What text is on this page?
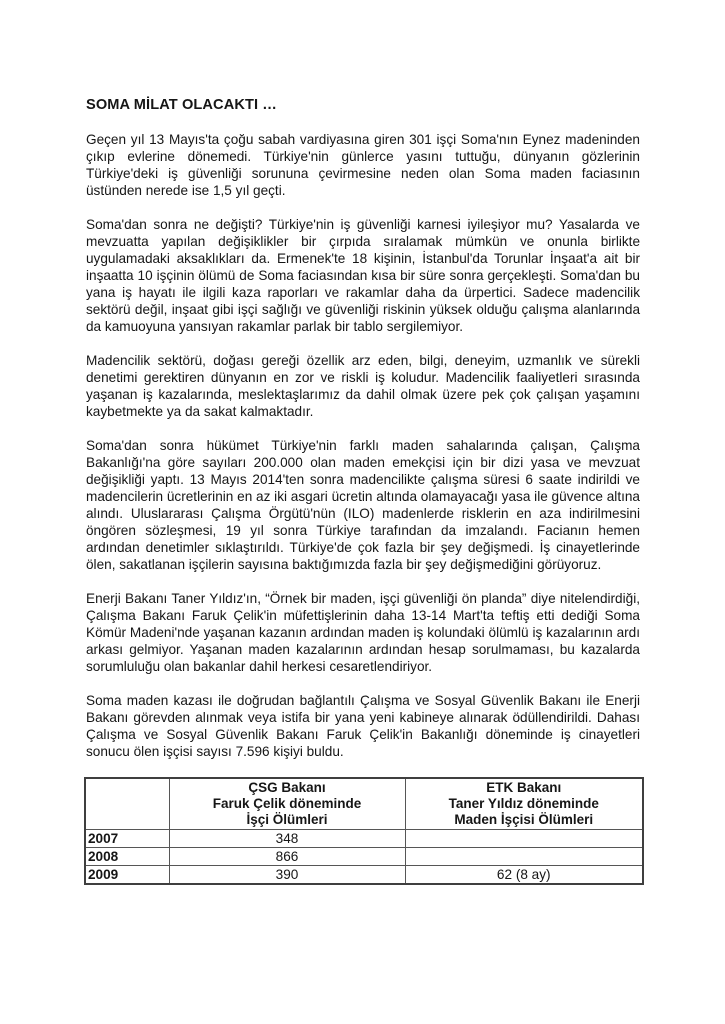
SOMA MİLAT OLACAKTI …

Geçen yıl 13 Mayıs'ta çoğu sabah vardiyasına giren 301 işçi Soma'nın Eynez madeninden çıkıp evlerine dönemedi. Türkiye'nin günlerce yasını tuttuğu, dünyanın gözlerinin Türkiye'deki iş güvenliği sorununa çevirmesine neden olan Soma maden faciasının üstünden nerede ise 1,5 yıl geçti.

Soma'dan sonra ne değişti? Türkiye'nin iş güvenliği karnesi iyileşiyor mu? Yasalarda ve mevzuatta yapılan değişiklikler bir çırpıda sıralamak mümkün ve onunla birlikte uygulamadaki aksaklıkları da. Ermenek'te 18 kişinin, İstanbul'da Torunlar İnşaat'a ait bir inşaatta 10 işçinin ölümü de Soma faciasından kısa bir süre sonra gerçekleşti. Soma'dan bu yana iş hayatı ile ilgili kaza raporları ve rakamlar daha da ürpertici. Sadece madencilik sektörü değil, inşaat gibi işçi sağlığı ve güvenliği riskinin yüksek olduğu çalışma alanlarında da kamuoyuna yansıyan rakamlar parlak bir tablo sergilemiyor.

Madencilik sektörü, doğası gereği özellik arz eden, bilgi, deneyim, uzmanlık ve sürekli denetimi gerektiren dünyanın en zor ve riskli iş koludur. Madencilik faaliyetleri sırasında yaşanan iş kazalarında, meslektaşlarımız da dahil olmak üzere pek çok çalışan yaşamını kaybetmekte ya da sakat kalmaktadır.

Soma'dan sonra hükümet Türkiye'nin farklı maden sahalarında çalışan, Çalışma Bakanlığı'na göre sayıları 200.000 olan maden emekçisi için bir dizi yasa ve mevzuat değişikliği yaptı. 13 Mayıs 2014'ten sonra madencilikte çalışma süresi 6 saate indirildi ve madencilerin ücretlerinin en az iki asgari ücretin altında olamayacağı yasa ile güvence altına alındı. Uluslararası Çalışma Örgütü'nün (ILO) madenlerde risklerin en aza indirilmesini öngören sözleşmesi, 19 yıl sonra Türkiye tarafından da imzalandı. Facianın hemen ardından denetimler sıklaştırıldı. Türkiye'de çok fazla bir şey değişmedi. İş cinayetlerinde ölen, sakatlanan işçilerin sayısına baktığımızda fazla bir şey değişmediğini görüyoruz.

Enerji Bakanı Taner Yıldız'ın, “Örnek bir maden, işçi güvenliği ön planda” diye nitelendirdiği, Çalışma Bakanı Faruk Çelik'in müfettişlerinin daha 13-14 Mart'ta teftiş etti dediği Soma Kömür Madeni'nde yaşanan kazanın ardından maden iş kolundaki ölümlü iş kazalarının ardı arkası gelmiyor. Yaşanan maden kazalarının ardından hesap sorulmaması, bu kazalarda sorumluluğu olan bakanlar dahil herkesi cesaretlendiriyor.

Soma maden kazası ile doğrudan bağlantılı Çalışma ve Sosyal Güvenlik Bakanı ile Enerji Bakanı görevden alınmak veya istifa bir yana yeni kabineye alınarak ödüllendirildi. Dahası Çalışma ve Sosyal Güvenlik Bakanı Faruk Çelik'in Bakanlığı döneminde iş cinayetleri sonucu ölen işçisi sayısı 7.596 kişiyi buldu.

ÇSG Bakanı
Faruk Çelik döneminde
İşçi Ölümleri

ETK Bakanı
Taner Yıldız döneminde
Maden İşçisi Ölümleri

2007	348	
2008	866	
2009	390	62 (8 ay)
